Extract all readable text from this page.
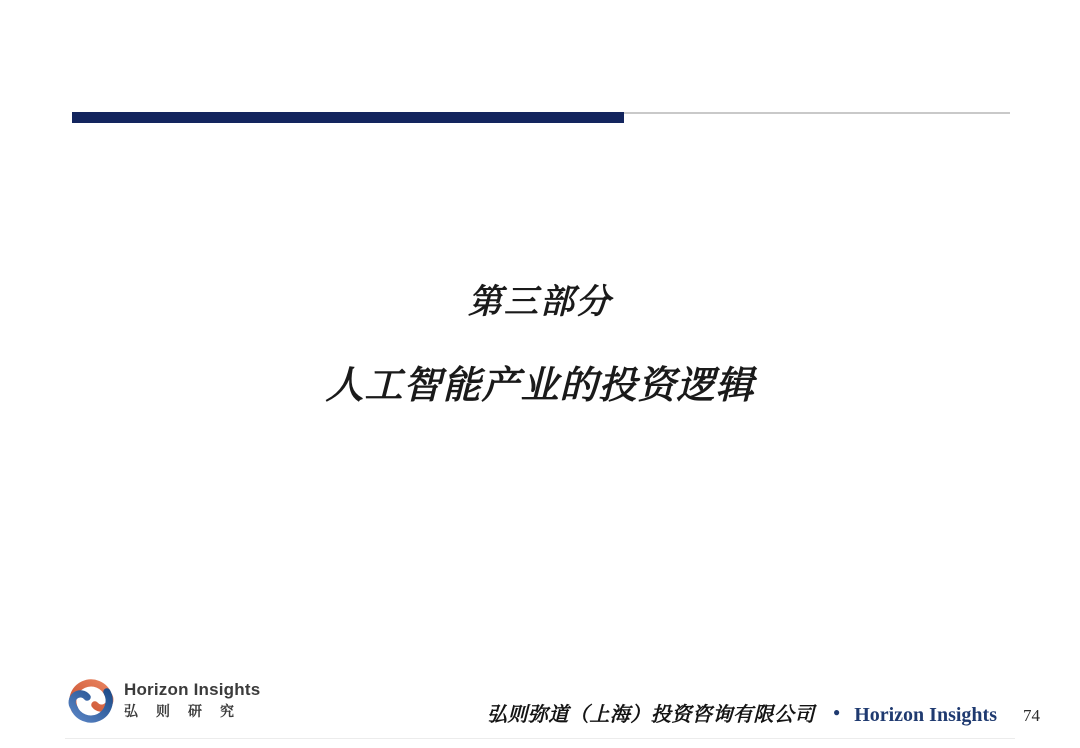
第三部分
人工智能产业的投资逻辑
Horizon Insights
弘则研究	弘则弥道（上海）投资咨询有限公司 ● Horizon Insights 74
